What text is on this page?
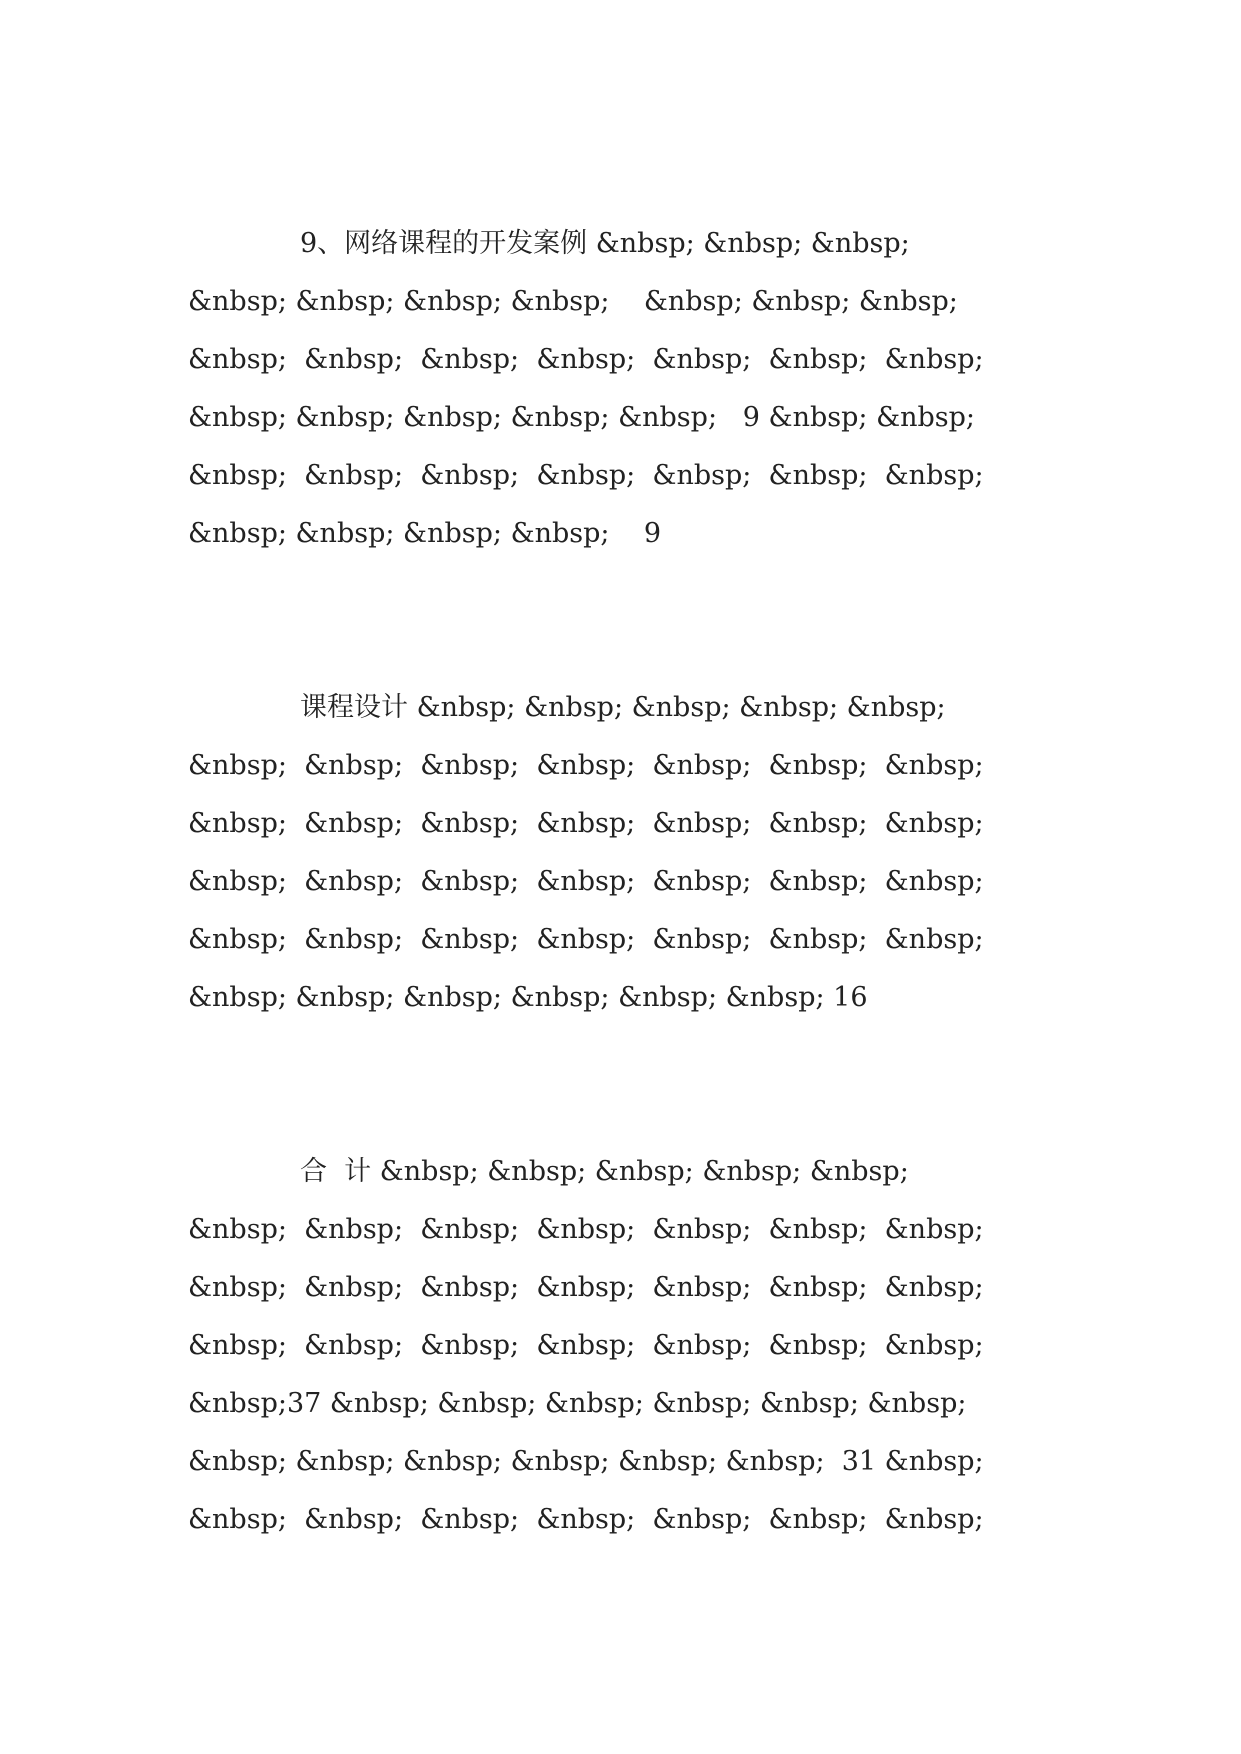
9、网络课程的开发案例 &nbsp; &nbsp; &nbsp;
&nbsp; &nbsp; &nbsp; &nbsp;    &nbsp; &nbsp; &nbsp;
&nbsp;  &nbsp;  &nbsp;  &nbsp;  &nbsp;  &nbsp;  &nbsp;
&nbsp; &nbsp; &nbsp; &nbsp; &nbsp;   9 &nbsp; &nbsp;
&nbsp;  &nbsp;  &nbsp;  &nbsp;  &nbsp;  &nbsp;  &nbsp;
&nbsp; &nbsp; &nbsp; &nbsp;    9
课程设计 &nbsp; &nbsp; &nbsp; &nbsp; &nbsp;
&nbsp;  &nbsp;  &nbsp;  &nbsp;  &nbsp;  &nbsp;  &nbsp;
&nbsp;  &nbsp;  &nbsp;  &nbsp;  &nbsp;  &nbsp;  &nbsp;
&nbsp;  &nbsp;  &nbsp;  &nbsp;  &nbsp;  &nbsp;  &nbsp;
&nbsp;  &nbsp;  &nbsp;  &nbsp;  &nbsp;  &nbsp;  &nbsp;
&nbsp; &nbsp; &nbsp; &nbsp; &nbsp; &nbsp; 16
合  计 &nbsp; &nbsp; &nbsp; &nbsp; &nbsp;
&nbsp;  &nbsp;  &nbsp;  &nbsp;  &nbsp;  &nbsp;  &nbsp;
&nbsp;  &nbsp;  &nbsp;  &nbsp;  &nbsp;  &nbsp;  &nbsp;
&nbsp;  &nbsp;  &nbsp;  &nbsp;  &nbsp;  &nbsp;  &nbsp;
&nbsp;37 &nbsp; &nbsp; &nbsp; &nbsp; &nbsp; &nbsp;
&nbsp; &nbsp; &nbsp; &nbsp; &nbsp; &nbsp;  31 &nbsp;
&nbsp;  &nbsp;  &nbsp;  &nbsp;  &nbsp;  &nbsp;  &nbsp;
